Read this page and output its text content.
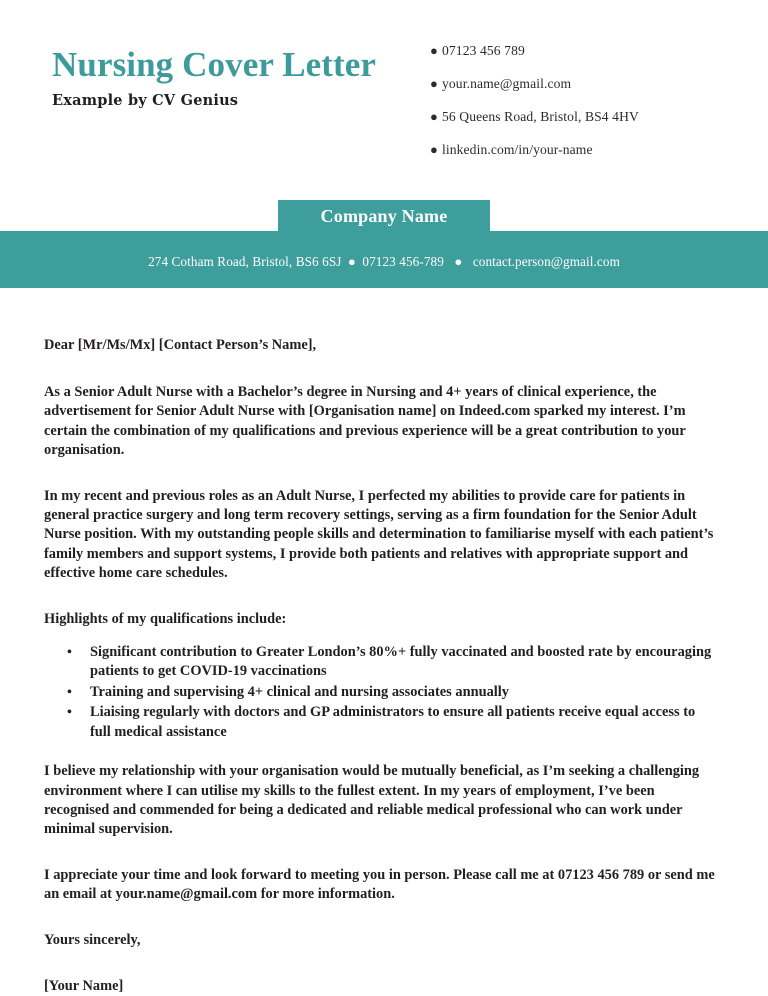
Nursing Cover Letter
Example by CV Genius
● 07123 456 789
● your.name@gmail.com
● 56 Queens Road, Bristol, BS4 4HV
● linkedin.com/in/your-name
Company Name
274 Cotham Road, Bristol, BS6 6SJ ● 07123 456-789 ● contact.person@gmail.com

Dear [Mr/Ms/Mx] [Contact Person’s Name],

As a Senior Adult Nurse with a Bachelor’s degree in Nursing and 4+ years of clinical experience, the advertisement for Senior Adult Nurse with [Organisation name] on Indeed.com sparked my interest. I’m certain the combination of my qualifications and previous experience will be a great contribution to your organisation.

In my recent and previous roles as an Adult Nurse, I perfected my abilities to provide care for patients in general practice surgery and long term recovery settings, serving as a firm foundation for the Senior Adult Nurse position. With my outstanding people skills and determination to familiarise myself with each patient’s family members and support systems, I provide both patients and relatives with appropriate support and effective home care schedules.

Highlights of my qualifications include:

• Significant contribution to Greater London’s 80%+ fully vaccinated and boosted rate by encouraging patients to get COVID-19 vaccinations
• Training and supervising 4+ clinical and nursing associates annually
• Liaising regularly with doctors and GP administrators to ensure all patients receive equal access to full medical assistance

I believe my relationship with your organisation would be mutually beneficial, as I’m seeking a challenging environment where I can utilise my skills to the fullest extent. In my years of employment, I’ve been recognised and commended for being a dedicated and reliable medical professional who can work under minimal supervision.

I appreciate your time and look forward to meeting you in person. Please call me at 07123 456 789 or send me an email at your.name@gmail.com for more information.

Yours sincerely,

[Your Name]
